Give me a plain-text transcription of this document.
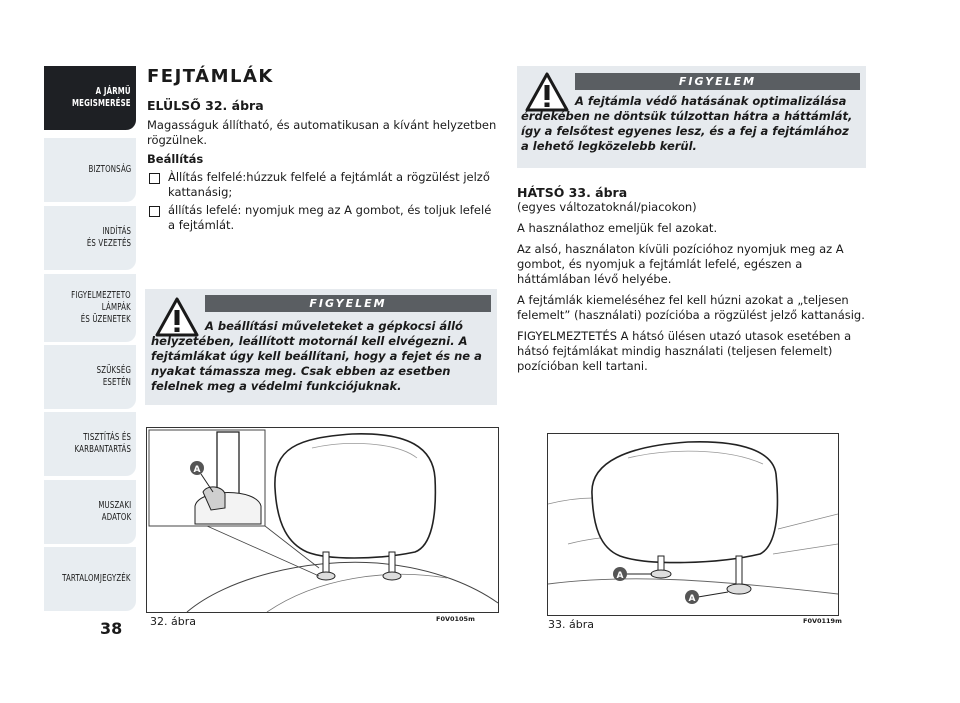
A JÁRMŰ
MEGISMERÉSE
BIZTONSÁG
INDÍTÁS
ÉS VEZETÉS
FIGYELMEZTETŐ
LÁMPÁK
ÉS ÜZENETEK
SZÜKSÉG
ESETÉN
TISZTÍTÁS ÉS
KARBANTARTÁS
MŰSZAKI
ADATOK
TARTALOMJEGYZÉK
38
FEJTÁMLÁK

ELÜLSŐ 32. ábra

Magasságuk állítható, és automatikusan a kívánt helyzetben rögzülnek.

Beállítás

Àllítás felfelé:húzzuk felfelé a fejtámlát a rögzülést jelző kattanásig;
állítás lefelé: nyomjuk meg az A gombot, és toljuk lefelé a fejtámlát.
FIGYELEM
A beállítási műveleteket a gépkocsi álló helyzetében, leállított motornál kell elvégezni. A fejtámlákat úgy kell beállítani, hogy a fejet és ne a nyakat támassza meg. Csak ebben az esetben felelnek meg a védelmi funkciójuknak.
A
32. ábra	F0V0105m
FIGYELEM
A fejtámla védő hatásának optimalizálása érdekében ne döntsük túlzottan hátra a háttámlát, így a felsőtest egyenes lesz, és a fej a fejtámlához a lehető legközelebb kerül.

HÁTSÓ 33. ábra

(egyes változatoknál/piacokon)

A használathoz emeljük fel azokat.

Az alsó, használaton kívüli pozícióhoz nyomjuk meg az A gombot, és nyomjuk a fejtámlát lefelé, egészen a háttámlában lévő helyébe.

A fejtámlák kiemeléséhez fel kell húzni azokat a „teljesen felemelt” (használati) pozícióba a rögzülést jelző kattanásig.

FIGYELMEZTETÉS A hátsó ülésen utazó utasok esetében a hátsó fejtámlákat mindig használati (teljesen felemelt) pozícióban kell tartani.

A
A
33. ábra	F0V0119m
